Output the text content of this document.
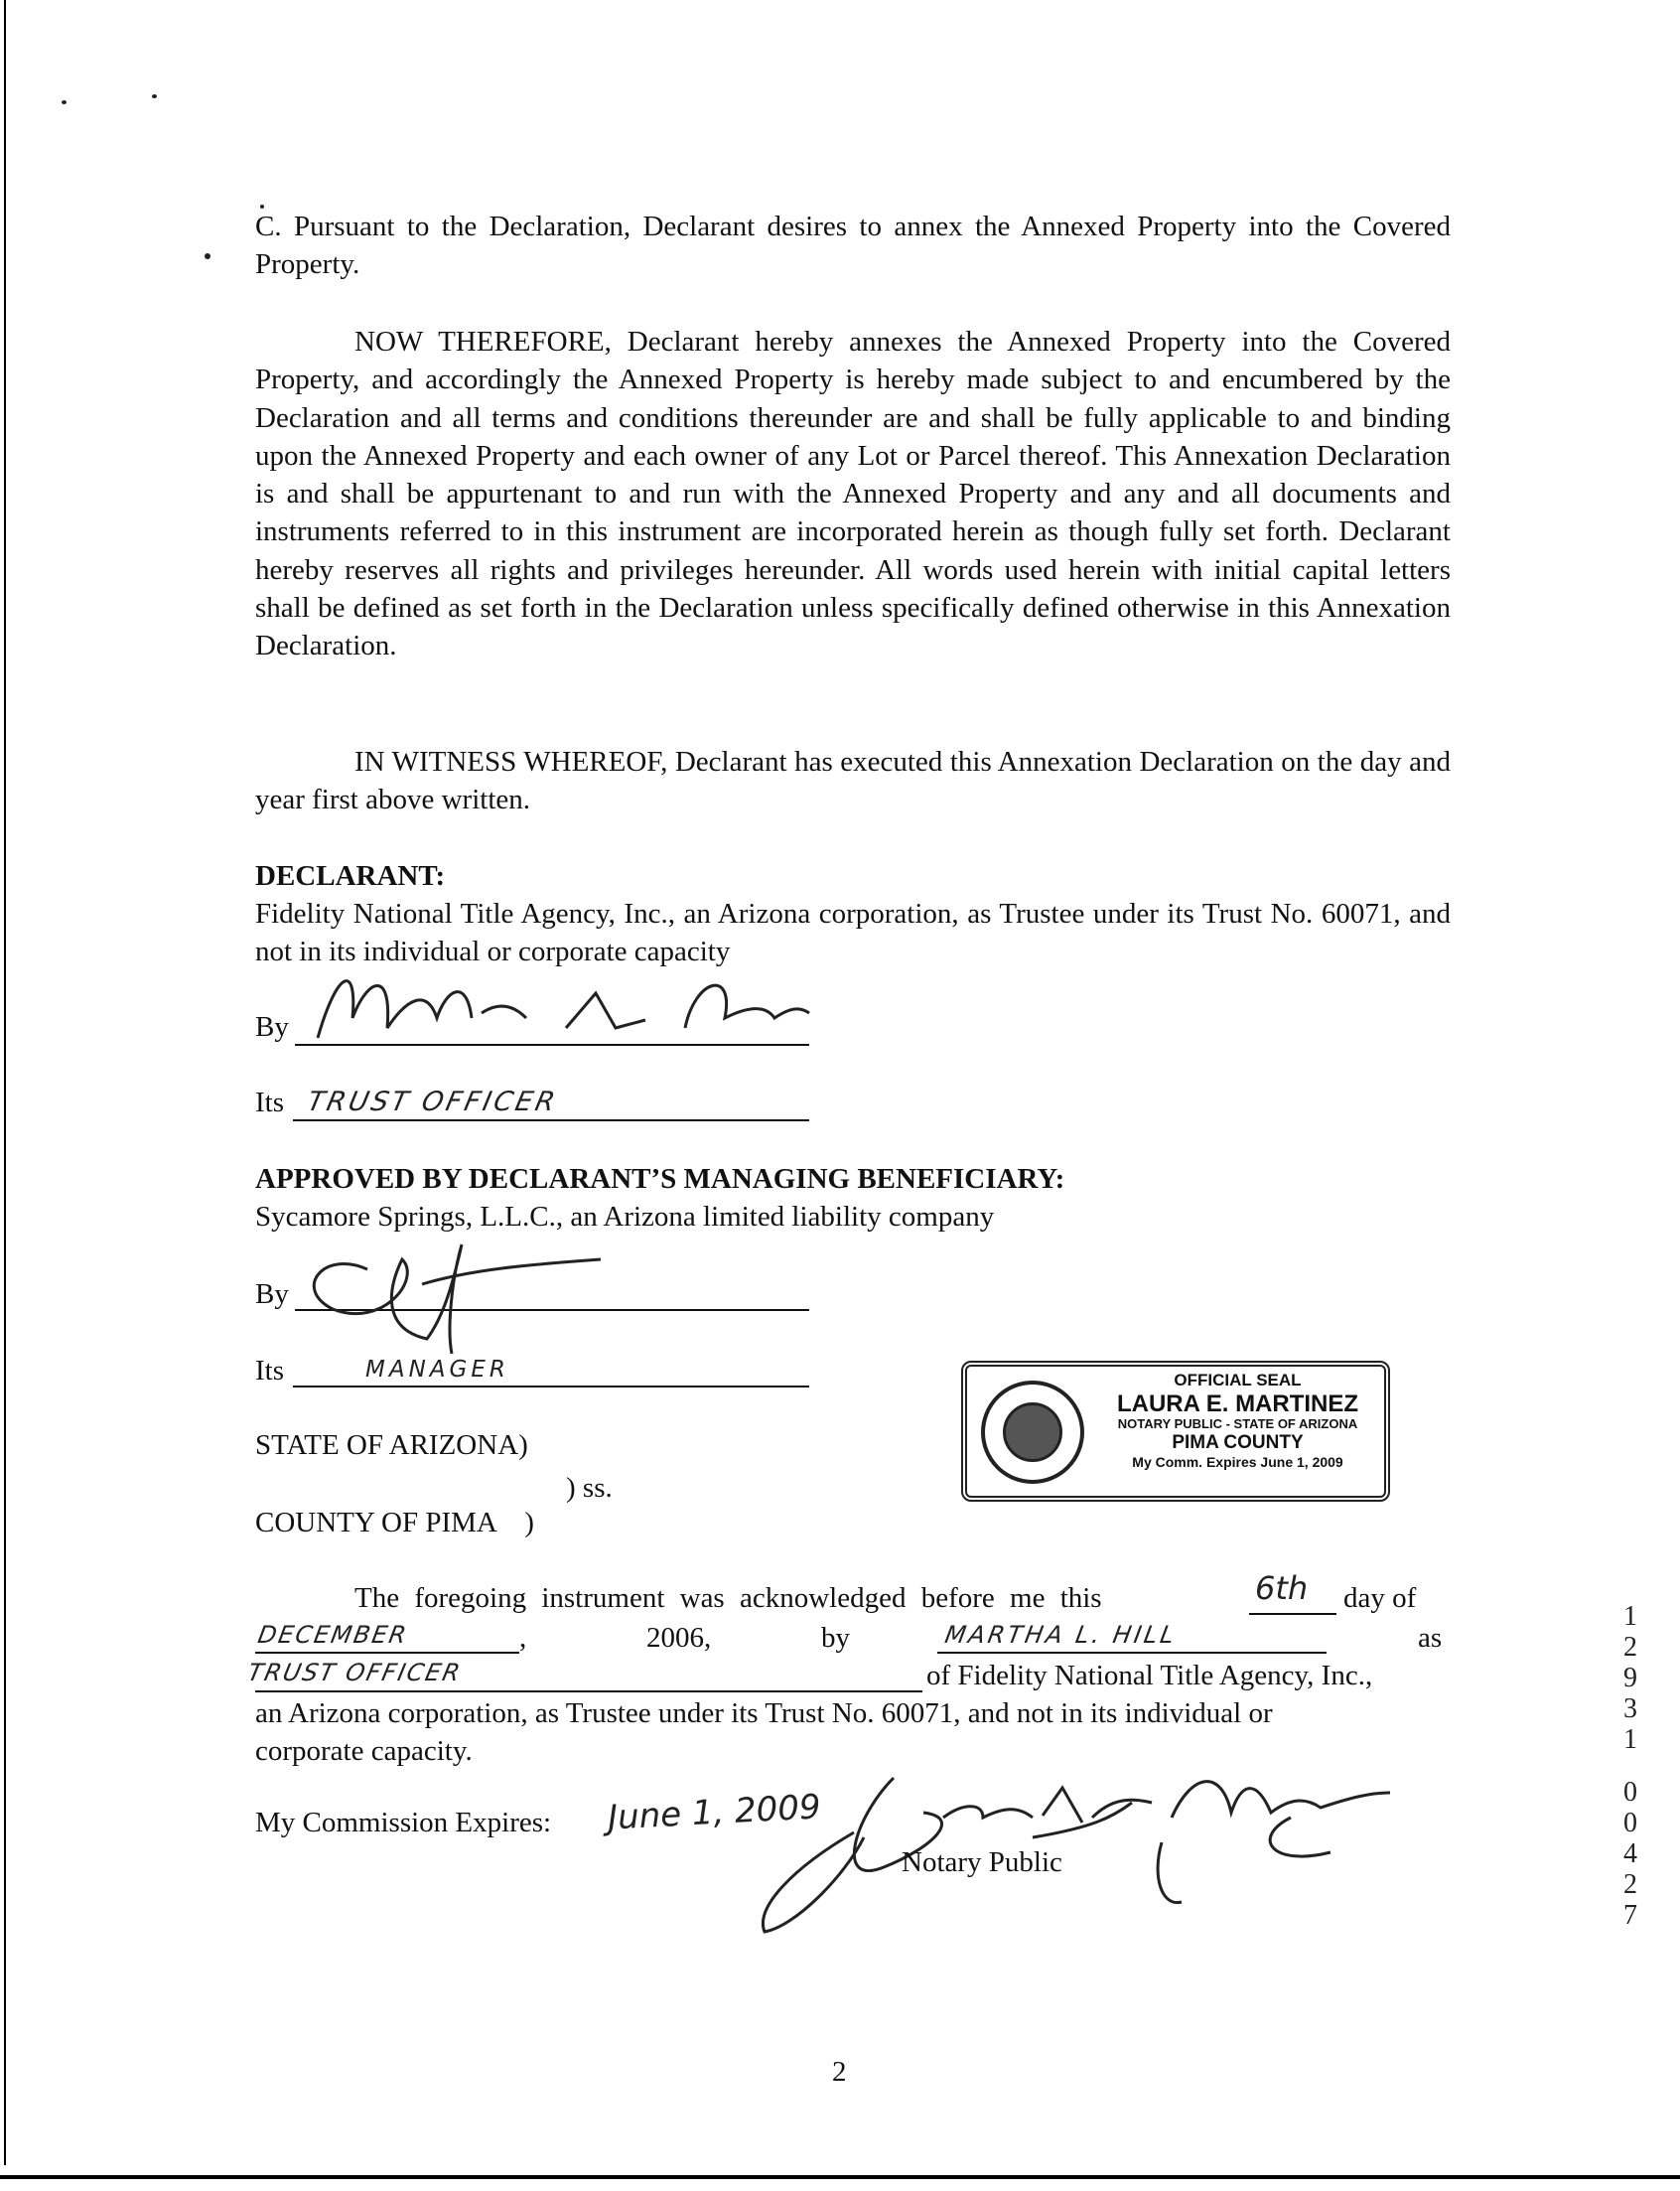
C. Pursuant to the Declaration, Declarant desires to annex the Annexed Property into the Covered Property.
NOW THEREFORE, Declarant hereby annexes the Annexed Property into the Covered Property, and accordingly the Annexed Property is hereby made subject to and encumbered by the Declaration and all terms and conditions thereunder are and shall be fully applicable to and binding upon the Annexed Property and each owner of any Lot or Parcel thereof. This Annexation Declaration is and shall be appurtenant to and run with the Annexed Property and any and all documents and instruments referred to in this instrument are incorporated herein as though fully set forth. Declarant hereby reserves all rights and privileges hereunder. All words used herein with initial capital letters shall be defined as set forth in the Declaration unless specifically defined otherwise in this Annexation Declaration.
IN WITNESS WHEREOF, Declarant has executed this Annexation Declaration on the day and year first above written.
DECLARANT:
Fidelity National Title Agency, Inc., an Arizona corporation, as Trustee under its Trust No. 60071, and not in its individual or corporate capacity
By
Its TRUST OFFICER
APPROVED BY DECLARANT’S MANAGING BENEFICIARY:
Sycamore Springs, L.L.C., an Arizona limited liability company
By
Its	MANAGER	OFFICIAL SEAL
LAURA E. MARTINEZ
NOTARY PUBLIC - STATE OF ARIZONA
PIMA COUNTY
My Comm. Expires June 1, 2009
STATE OF ARIZONA)
) ss.
COUNTY OF PIMA    )
The foregoing instrument was acknowledged before me this	6th day of
DECEMBER	,	2006,	by	MARTHA L. HILL	as
TRUST OFFICER	of Fidelity National Title Agency, Inc.,
an Arizona corporation, as Trustee under its Trust No. 60071, and not in its individual or
corporate capacity.
My Commission Expires: June 1, 2009
Notary Public
1
2
9
3
1
0
0
4
2
7
2
